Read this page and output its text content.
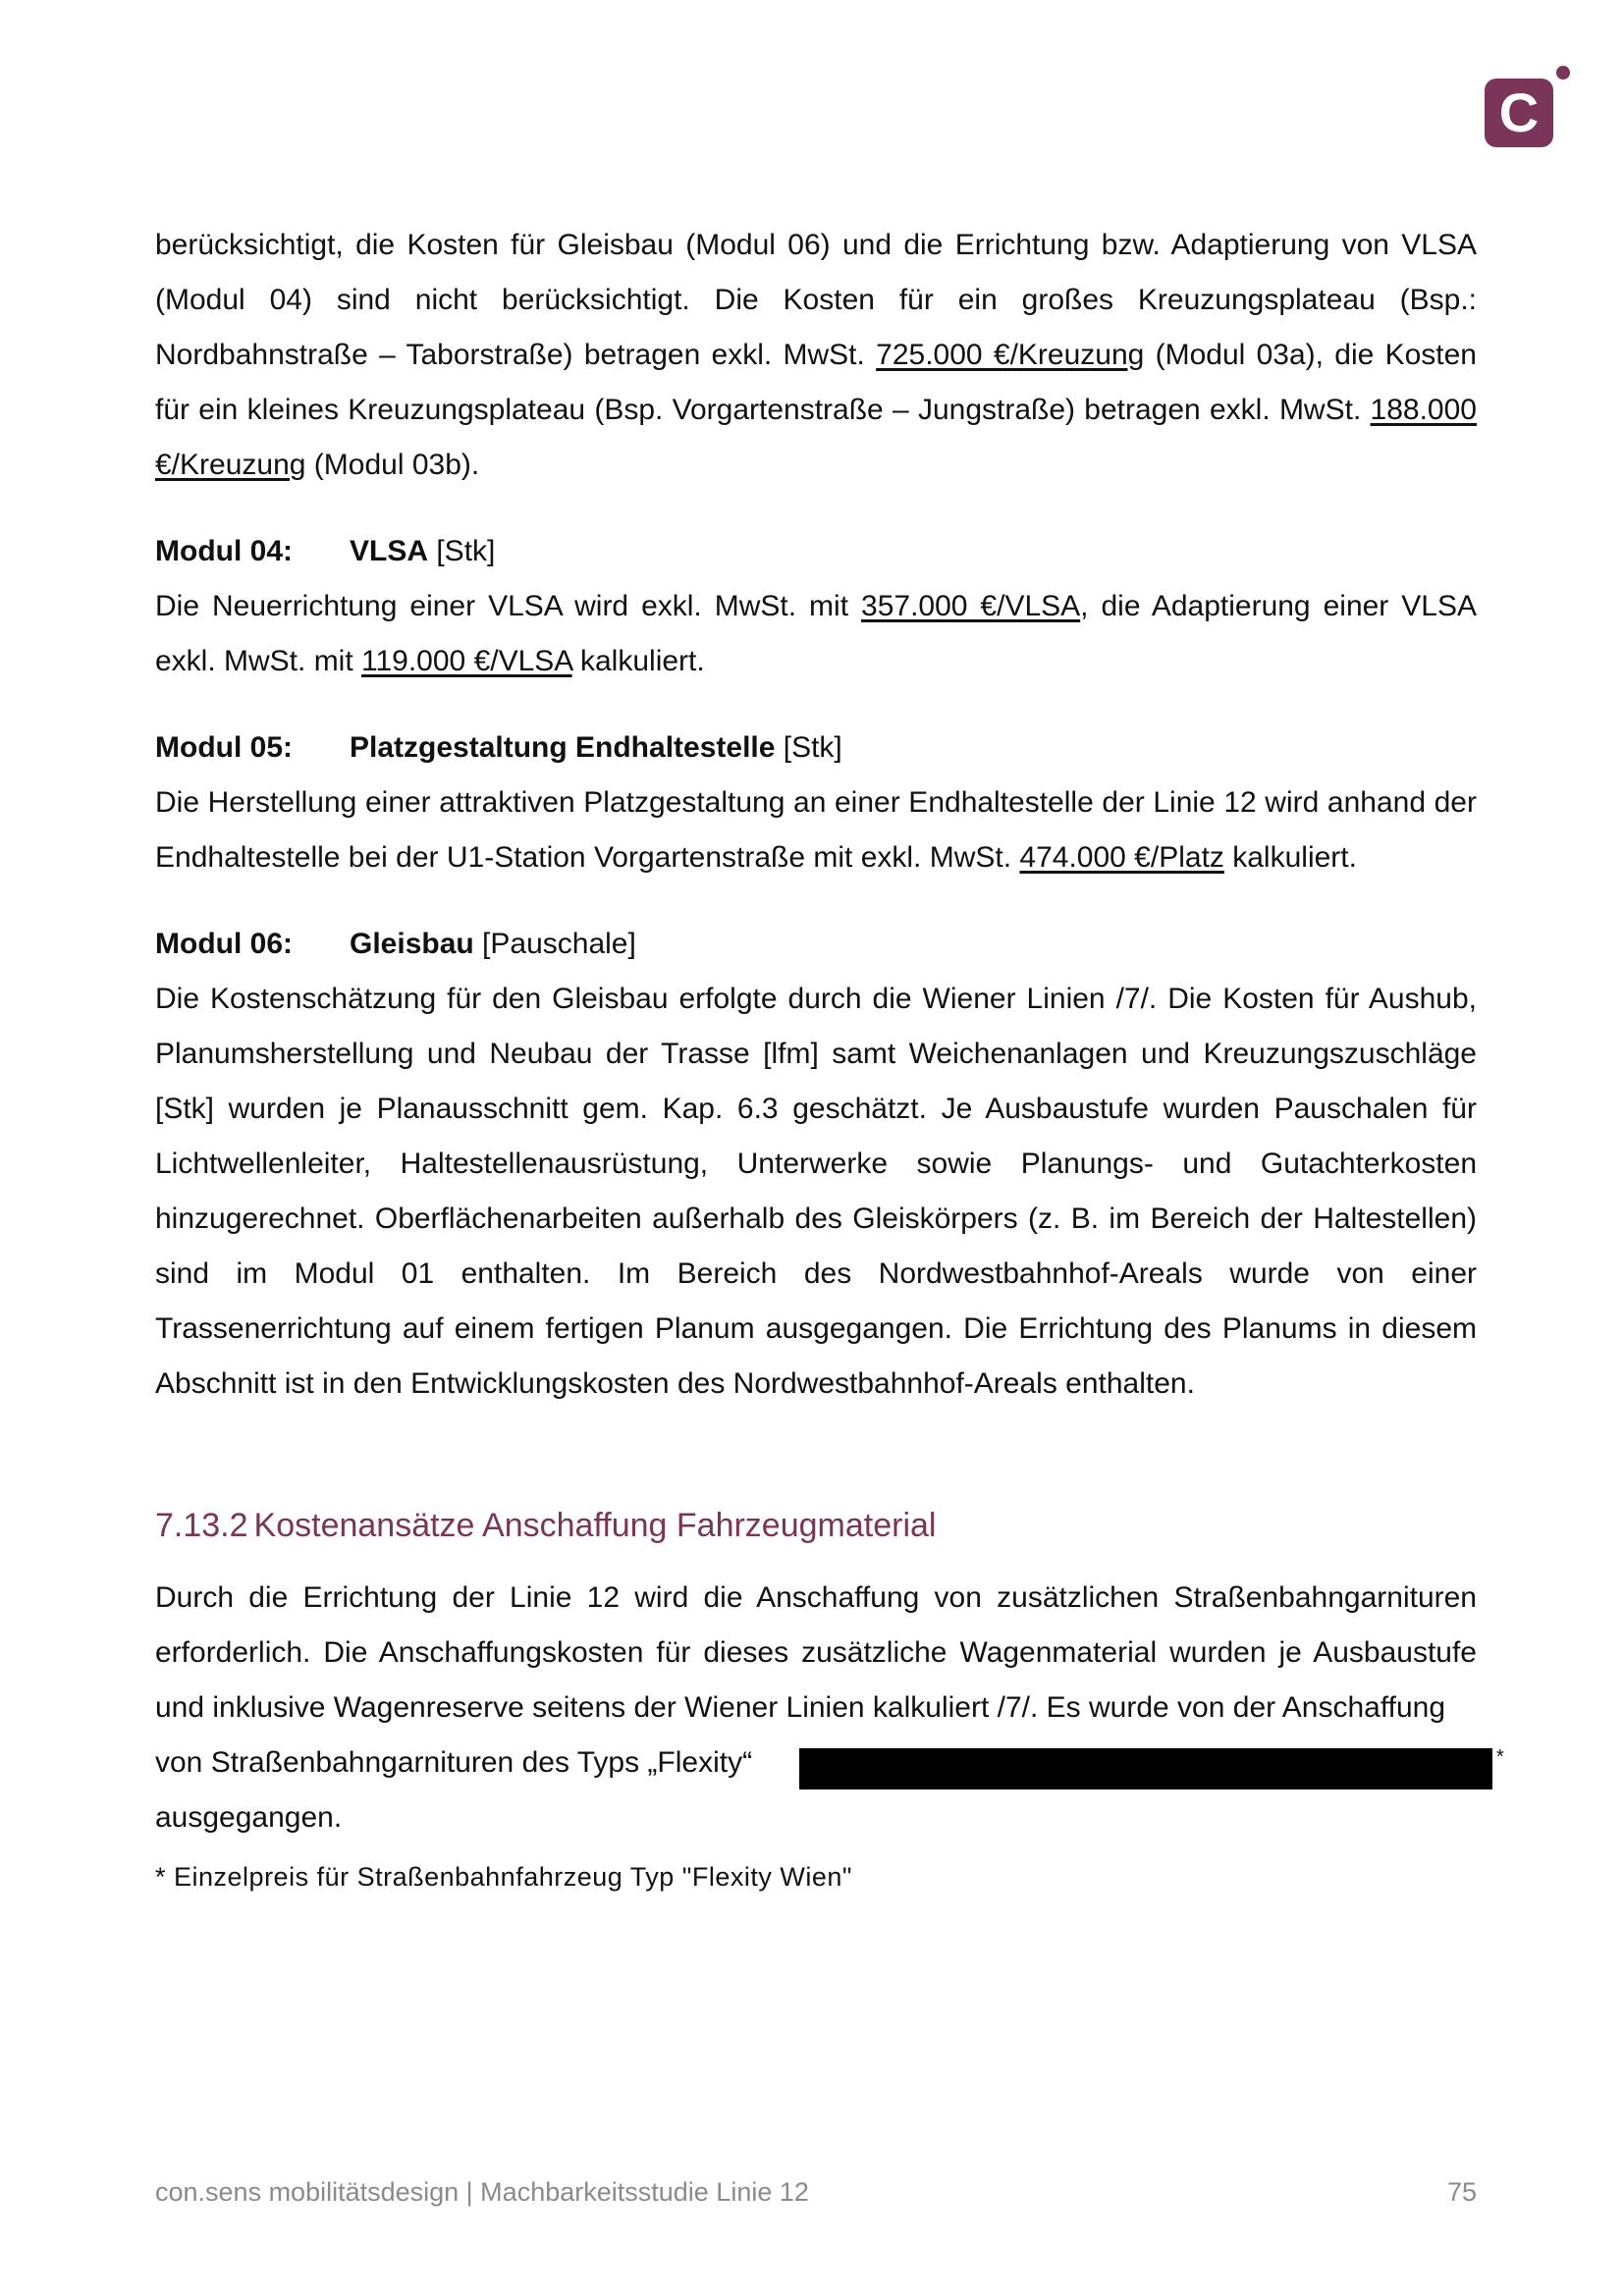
C

berücksichtigt, die Kosten für Gleisbau (Modul 06) und die Errichtung bzw. Adaptierung von VLSA (Modul 04) sind nicht berücksichtigt. Die Kosten für ein großes Kreuzungsplateau (Bsp.: Nordbahnstraße – Taborstraße) betragen exkl. MwSt. 725.000 €/Kreuzung (Modul 03a), die Kosten für ein kleines Kreuzungsplateau (Bsp. Vorgartenstraße – Jungstraße) betragen exkl. MwSt. 188.000 €/Kreuzung (Modul 03b).

Modul 04: VLSA [Stk]

Die Neuerrichtung einer VLSA wird exkl. MwSt. mit 357.000 €/VLSA, die Adaptierung einer VLSA exkl. MwSt. mit 119.000 €/VLSA kalkuliert.

Modul 05: Platzgestaltung Endhaltestelle [Stk]

Die Herstellung einer attraktiven Platzgestaltung an einer Endhaltestelle der Linie 12 wird anhand der Endhaltestelle bei der U1-Station Vorgartenstraße mit exkl. MwSt. 474.000 €/Platz kalkuliert.

Modul 06: Gleisbau [Pauschale]

Die Kostenschätzung für den Gleisbau erfolgte durch die Wiener Linien /7/. Die Kosten für Aushub, Planumsherstellung und Neubau der Trasse [lfm] samt Weichenanlagen und Kreuzungszuschläge [Stk] wurden je Planausschnitt gem. Kap. 6.3 geschätzt. Je Ausbaustufe wurden Pauschalen für Lichtwellenleiter, Haltestellenausrüstung, Unterwerke sowie Planungs- und Gutachterkosten hinzugerechnet. Oberflächenarbeiten außerhalb des Gleiskörpers (z. B. im Bereich der Haltestellen) sind im Modul 01 enthalten. Im Bereich des Nordwestbahnhof-Areals wurde von einer Trassenerrichtung auf einem fertigen Planum ausgegangen. Die Errichtung des Planums in diesem Abschnitt ist in den Entwicklungskosten des Nordwestbahnhof-Areals enthalten.

7.13.2 Kostenansätze Anschaffung Fahrzeugmaterial

Durch die Errichtung der Linie 12 wird die Anschaffung von zusätzlichen Straßenbahngarnituren erforderlich. Die Anschaffungskosten für dieses zusätzliche Wagenmaterial wurden je Ausbaustufe und inklusive Wagenreserve seitens der Wiener Linien kalkuliert /7/. Es wurde von der Anschaffung

von Straßenbahngarnituren des Typs „Flexity“	*

ausgegangen.

* Einzelpreis für Straßenbahnfahrzeug Typ "Flexity Wien"

con.sens mobilitätsdesign | Machbarkeitsstudie Linie 12	75
